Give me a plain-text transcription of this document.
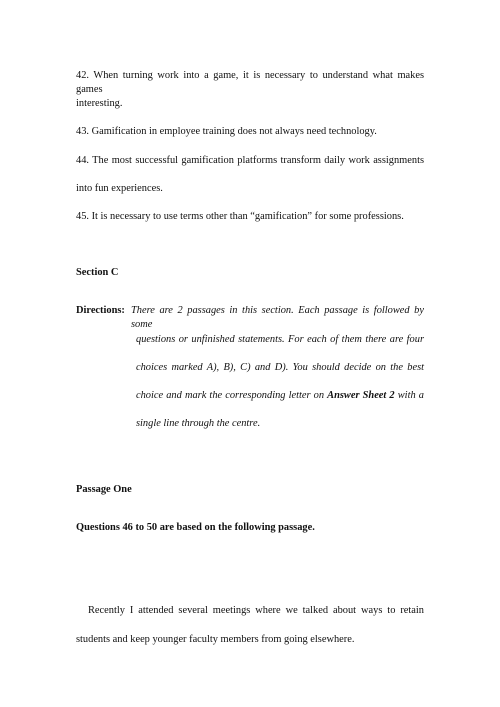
42. When turning work into a game, it is necessary to understand what makes games
interesting.
43. Gamification in employee training does not always need technology.
44. The most successful gamification platforms transform daily work assignments
into fun experiences.
45. It is necessary to use terms other than “gamification” for some professions.
Section C
Directions: There are 2 passages in this section. Each passage is followed by some
questions or unfinished statements. For each of them there are four
choices marked A), B), C) and D). You should decide on the best
choice and mark the corresponding letter on Answer Sheet 2 with a
single line through the centre.
Passage One
Questions 46 to 50 are based on the following passage.
Recently I attended several meetings where we talked about ways to retain
students and keep younger faculty members from going elsewhere.
